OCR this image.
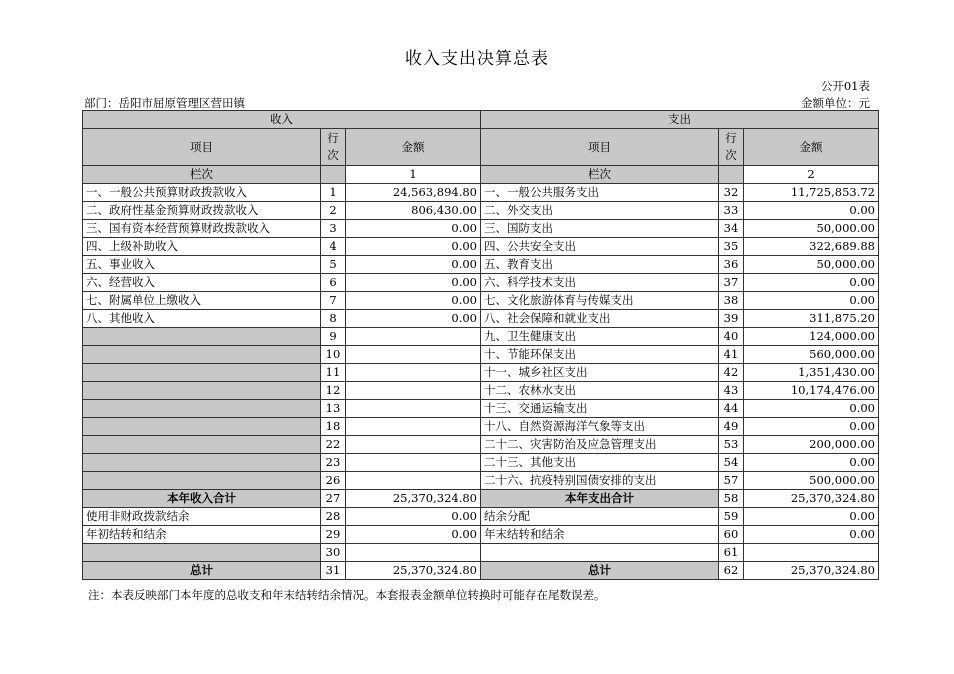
收入支出决算总表
公开01表
部门：岳阳市屈原管理区营田镇	金额单位：元
收入			支出		
项目	行次	金额	项目	行次	金额
栏次		1	栏次		2
一、一般公共预算财政拨款收入	1	24,563,894.80	一、一般公共服务支出	32	11,725,853.72
二、政府性基金预算财政拨款收入	2	806,430.00	二、外交支出	33	0.00
三、国有资本经营预算财政拨款收入	3	0.00	三、国防支出	34	50,000.00
四、上级补助收入	4	0.00	四、公共安全支出	35	322,689.88
五、事业收入	5	0.00	五、教育支出	36	50,000.00
六、经营收入	6	0.00	六、科学技术支出	37	0.00
七、附属单位上缴收入	7	0.00	七、文化旅游体育与传媒支出	38	0.00
八、其他收入	8	0.00	八、社会保障和就业支出	39	311,875.20
	9		九、卫生健康支出	40	124,000.00
	10		十、节能环保支出	41	560,000.00
	11		十一、城乡社区支出	42	1,351,430.00
	12		十二、农林水支出	43	10,174,476.00
	13		十三、交通运输支出	44	0.00
	18		十八、自然资源海洋气象等支出	49	0.00
	22		二十二、灾害防治及应急管理支出	53	200,000.00
	23		二十三、其他支出	54	0.00
	26		二十六、抗疫特别国债安排的支出	57	500,000.00
本年收入合计	27	25,370,324.80	本年支出合计	58	25,370,324.80
使用非财政拨款结余	28	0.00	结余分配	59	0.00
年初结转和结余	29	0.00	年末结转和结余	60	0.00
	30			61	
总计	31	25,370,324.80	总计	62	25,370,324.80
注：本表反映部门本年度的总收支和年末结转结余情况。本套报表金额单位转换时可能存在尾数误差。
